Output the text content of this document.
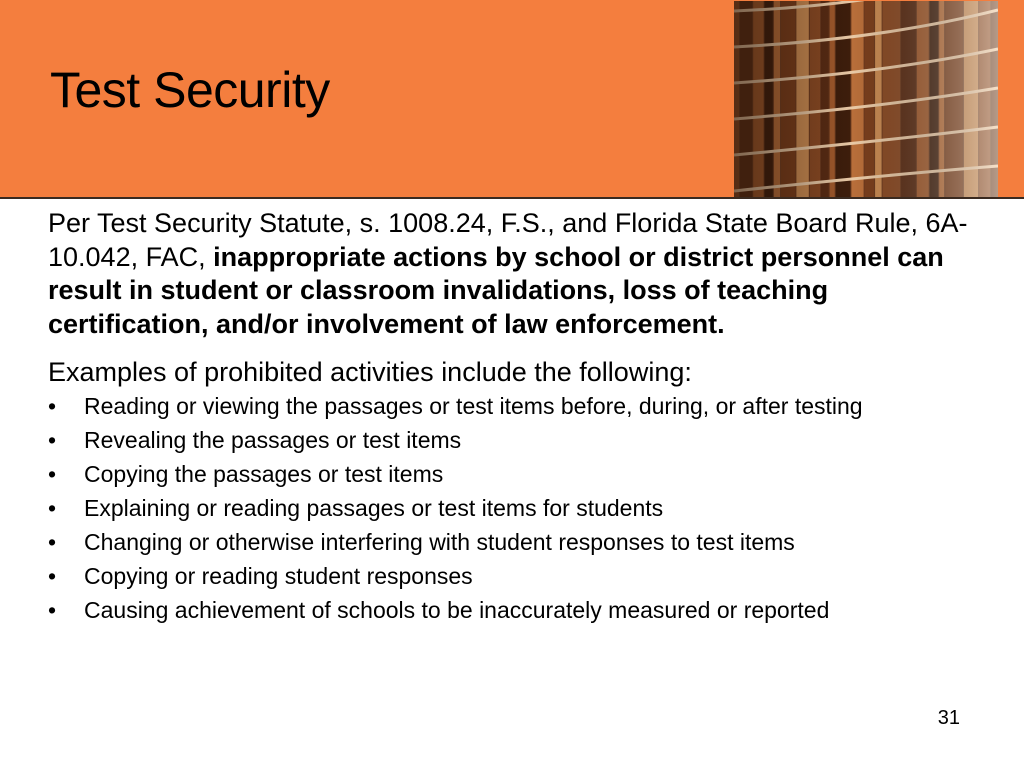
Test Security

Per Test Security Statute, s. 1008.24, F.S., and Florida State Board Rule, 6A-10.042, FAC, inappropriate actions by school or district personnel can result in student or classroom invalidations, loss of teaching certification, and/or involvement of law enforcement.

Examples of prohibited activities include the following:

• Reading or viewing the passages or test items before, during, or after testing
• Revealing the passages or test items
• Copying the passages or test items
• Explaining or reading passages or test items for students
• Changing or otherwise interfering with student responses to test items
• Copying or reading student responses
• Causing achievement of schools to be inaccurately measured or reported
31
